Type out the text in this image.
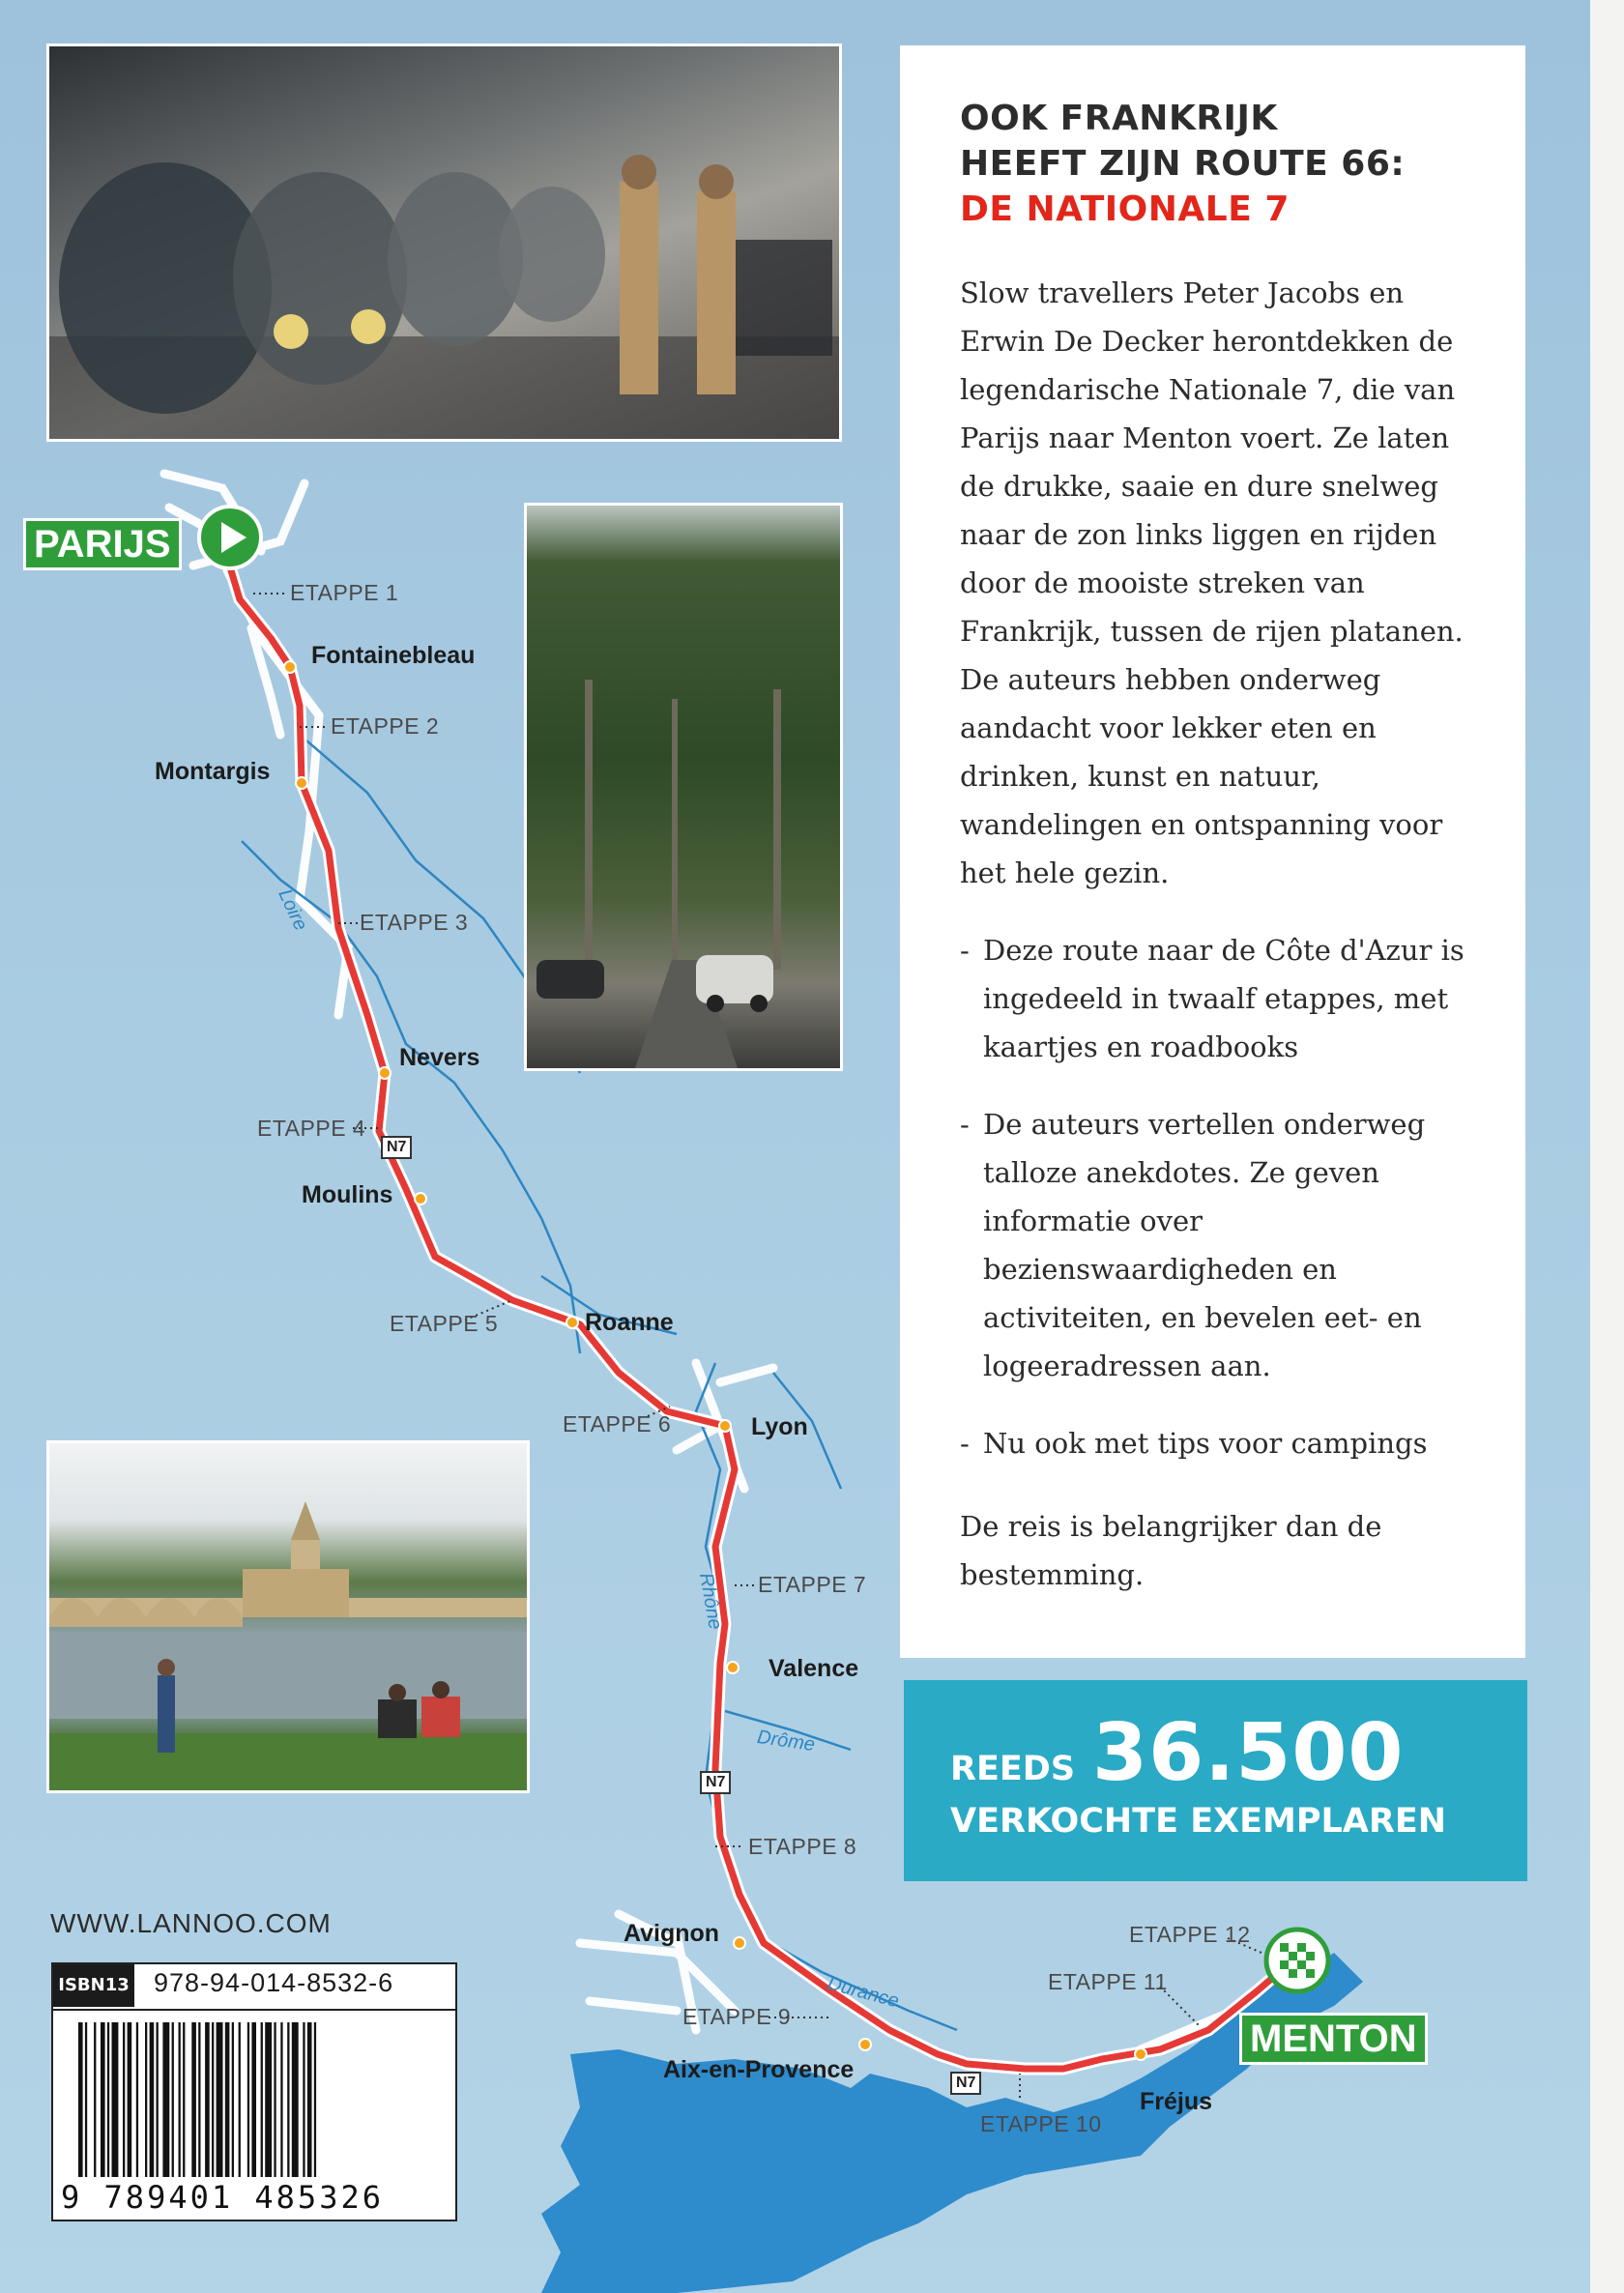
PARIJS
MENTON
N7
N7
N7
Fontainebleau
Montargis
Nevers
Moulins
Roanne
Lyon
Valence
Avignon
Aix-en-Provence
Fréjus
ETAPPE 1
ETAPPE 2
ETAPPE 3
ETAPPE 4
ETAPPE 5
ETAPPE 6
ETAPPE 7
ETAPPE 8
ETAPPE 9
ETAPPE 10
ETAPPE 11
ETAPPE 12
Loire
Rhône
Drôme
Durance
OOK FRANKRIJK
HEEFT ZIJN ROUTE 66:
DE NATIONALE 7

Slow travellers Peter Jacobs en Erwin De Decker herontdekken de legendarische Nationale 7, die van Parijs naar Menton voert. Ze laten de drukke, saaie en dure snelweg naar de zon links liggen en rijden door de mooiste streken van Frankrijk, tussen de rijen platanen. De auteurs hebben onderweg aandacht voor lekker eten en drinken, kunst en natuur, wandelingen en ontspanning voor het hele gezin.

- Deze route naar de Côte d'Azur is ingedeeld in twaalf etappes, met kaartjes en roadbooks
- De auteurs vertellen onderweg talloze anekdotes. Ze geven informatie over bezienswaardigheden en activiteiten, en bevelen eet- en logeeradressen aan.
- Nu ook met tips voor campings

De reis is belangrijker dan de bestemming.

REEDS 36.500
VERKOCHTE EXEMPLAREN
WWW.LANNOO.COM
ISBN13 978-94-014-8532-6
9 789401 485326
